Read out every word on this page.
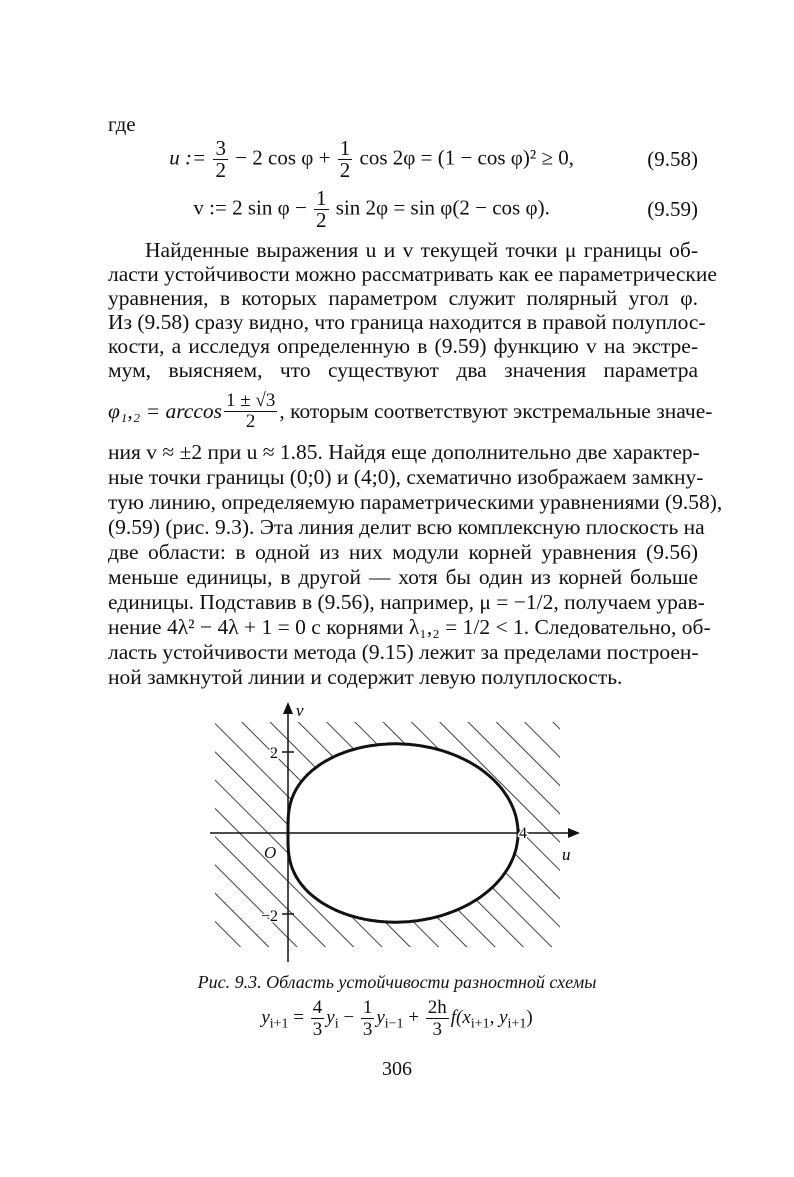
где
u := $\frac{3}{2} - 2$ $\cos \varphi + \frac{1}{2}$ cos 2φ = (1 − cos φ)² ≥ 0,	(9.58)
v := 2 $\sin \varphi - \frac{1}{2}$ sin 2φ = sin φ(2 − cos φ).	(9.59)
Найденные выражения u и v текущей точки μ границы об-
ласти устойчивости можно рассматривать как ее параметрические
уравнения, в которых параметром служит полярный угол φ.
Из (9.58) сразу видно, что граница находится в правой полуплос-
кости, а исследуя определенную в (9.59) функцию v на экстре-
мум, выясняем, что существуют два значения параметра
$\varphi_1,_2 = \arccos \frac{1 \pm √3}{2}$ , которым соответствуют экстремальные значе-
ния v ≈ ±2 при u ≈ 1.85. Найдя еще дополнительно две характер-
ные точки границы (0;0) и (4;0), схематично изображаем замкну-
тую линию, определяемую параметрическими уравнениями (9.58),
(9.59) (рис. 9.3). Эта линия делит всю комплексную плоскость на
две области: в одной из них модули корней уравнения (9.56)
меньше единицы, в другой — хотя бы один из корней больше
единицы. Подставив в (9.56), например, μ = −1/2, получаем урав-
нение 4λ² − 4λ + 1 = 0 с корнями λ₁,₂ = 1/2 < 1. Следовательно, об-
ласть устойчивости метода (9.15) лежит за пределами построен-
ной замкнутой линии и содержит левую полуплоскость.
v
u
O
2
−2
4
Рис. 9.3. Область устойчивости разностной схемы
$y_{i+1} = \frac{4}{3} y_i - \frac{1}{3} y_{i-1} + \frac{2h}{3} f(x_{i+1}$, $y_{i+1}$)
306
